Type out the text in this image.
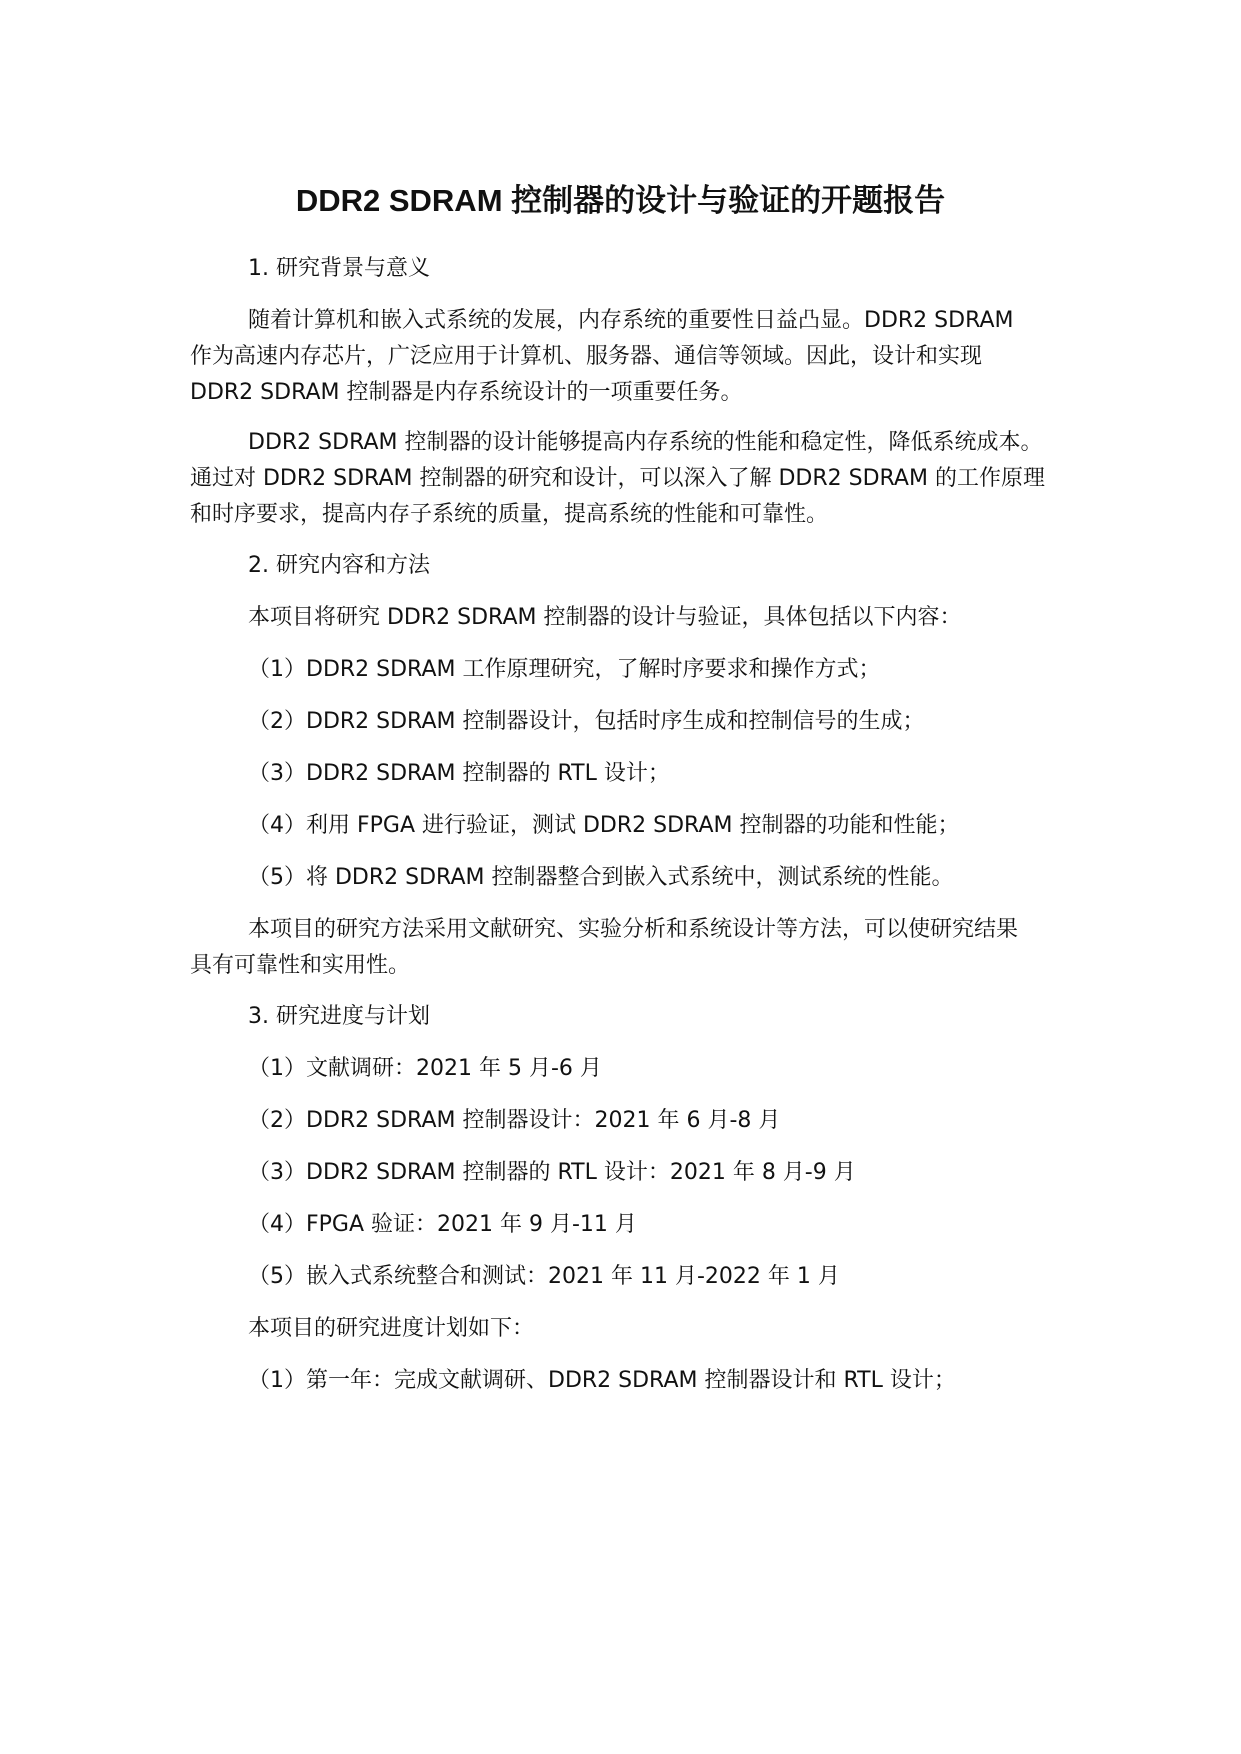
DDR2 SDRAM 控制器的设计与验证的开题报告
1. 研究背景与意义
随着计算机和嵌入式系统的发展，内存系统的重要性日益凸显。DDR2 SDRAM
作为高速内存芯片，广泛应用于计算机、服务器、通信等领域。因此，设计和实现
DDR2 SDRAM 控制器是内存系统设计的一项重要任务。
DDR2 SDRAM 控制器的设计能够提高内存系统的性能和稳定性，降低系统成本。
通过对 DDR2 SDRAM 控制器的研究和设计，可以深入了解 DDR2 SDRAM 的工作原理
和时序要求，提高内存子系统的质量，提高系统的性能和可靠性。
2. 研究内容和方法
本项目将研究 DDR2 SDRAM 控制器的设计与验证，具体包括以下内容：
（1）DDR2 SDRAM 工作原理研究，了解时序要求和操作方式；
（2）DDR2 SDRAM 控制器设计，包括时序生成和控制信号的生成；
（3）DDR2 SDRAM 控制器的 RTL 设计；
（4）利用 FPGA 进行验证，测试 DDR2 SDRAM 控制器的功能和性能；
（5）将 DDR2 SDRAM 控制器整合到嵌入式系统中，测试系统的性能。
本项目的研究方法采用文献研究、实验分析和系统设计等方法，可以使研究结果
具有可靠性和实用性。
3. 研究进度与计划
（1）文献调研：2021 年 5 月-6 月
（2）DDR2 SDRAM 控制器设计：2021 年 6 月-8 月
（3）DDR2 SDRAM 控制器的 RTL 设计：2021 年 8 月-9 月
（4）FPGA 验证：2021 年 9 月-11 月
（5）嵌入式系统整合和测试：2021 年 11 月-2022 年 1 月
本项目的研究进度计划如下：
（1）第一年：完成文献调研、DDR2 SDRAM 控制器设计和 RTL 设计；
